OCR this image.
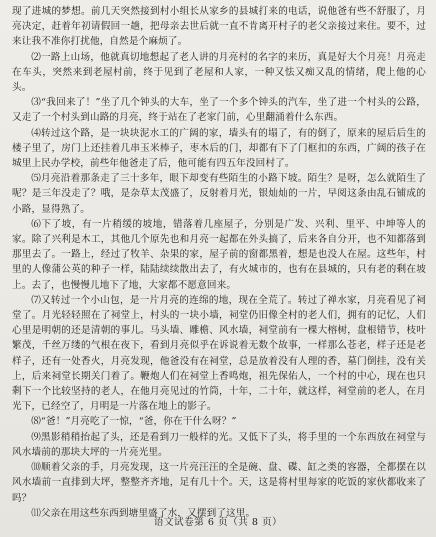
现了进城的梦想。前几天突然接到村小组长从家乡的县城打来的电话，说他爸有些不舒服了，月亮决定，赶着年初请假回一趟，把母亲去世后就一直不肯离开村子的老父亲接过来住。要不，过来让我不准你打扰他，自然是个麻烦了。

⑵一路上山场，他就真切地想起了老人讲的月亮村的名字的来历，真是好大个月亮！月亮走在车头，突然来到老屋村前，终于见到了老屋和人家，一种又怯又痴又乱的情绪，爬上他的心头。

⑶“我回来了！”坐了几个钟头的大车，坐了一个多个钟头的汽车，坐了进一个村头的公路，又走了一个村头到山路的月亮，终于站在了老家门前，心里翻涌着什么东西。

⑷转过这个路，是一块块泥水工的广阔的家，墙头有的塌了，有的倒了，原来的屋后后生的楼子里了，房门上还挂着几串玉米棒子，枣木后的门，却都有下了门框扣的东西，广阔的孩子在城里上民办学校，前些年他爸走了后，他可能有四五年没回村了。

⑸月亮沿着那条走了三十多年，眼下却变有些陌生的小路下坡。陌生？是呀，怎么就陌生了呢？是三年没走了？哦，是杂草太茂盛了，反射着月光，银灿灿的一片，早阅这条由乱石铺成的小路，显得熟了。

⑹下了坡，有一片稍缓的坡地，错落着几座屋子，分别是广发、兴利、里平、中坤等人的家。除了兴利是木工，其他几个原先也和月亮一起都在外头搞了，后来各自分开，也不知都落到那里去了。一路上，经过了牧羊、杂果的家，屋子前的窗都黑着，想是也没人在屋。这些年，村里的人像蒲公英的种子一样，陆陆续续散出去了，有火城市的，也有在县城的，只有老的剩在坡上。去了，也慢慢儿地下了地，大家都不愿意回来。

⑺又转过一个小山包，是一片月亮的连绵的地，现在全荒了。转过了禅水家，月亮看见了祠堂了。月光轻轻照在了祠堂上，村头的一块小墙，祠堂仍旧像全村的老人们，拥有的记忆，人们心里是明朝的还是清朝的事儿。马头墙、雕檐、风水墙，祠堂前有一棵大榕树，盘根错节，枝叶繁茂，千丝万缕的气根在夜下，看到月亮似乎在诉说着无数个故事，一样那么苍老，样子还是老样子，还有一处香火，月亮发现，他爸没有在祠堂，总是放着没有人理的香，墓门倒挂，没有关上，后来祠堂长期关门着了。鞭炮人们在祠堂上香鸣炮，祖先保佑人，一个村的中心，现在也只剩下一个比较坚持的老人，在他月亮见过的竹筒，十年，二十年，就这样，祠堂前的老人，在月光下，已经空了，月明是一片落在地上的影子。

⑻“爸！”月亮吃了一惊，“爸，你在干什么呀？”

⑼黑影稍稍抬起了头，还是看到刀一般样的光。又低下了头，将手里的一个东西放在祠堂与风水墙前的那块大坪的一片亮光里。

⑽顺着父亲的手，月亮发现，这一片亮汪汪的全是碗、盘、碟、缸之类的容器，全都摆在以风水墙前一直排到大坪，整整齐齐地，足有几十个。天，这是将村里每家的吃饭的家伙都收来了吗？

⑾父亲在用这些东西到塘里盛了水，又摆到了这里。

语文试卷第 6 页（共 8 页）
